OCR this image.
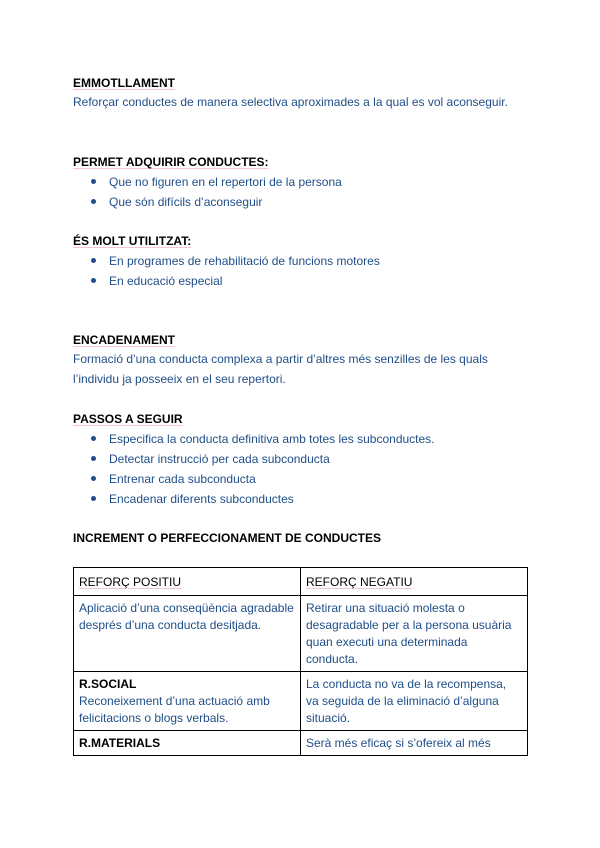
EMMOTLLAMENT

Reforçar conductes de manera selectiva aproximades a la qual es vol aconseguir.

PERMET ADQUIRIR CONDUCTES:

Que no figuren en el repertori de la persona
Que són difícils d’aconseguir

ÉS MOLT UTILITZAT:

En programes de rehabilitació de funcions motores
En educació especial

ENCADENAMENT

Formació d’una conducta complexa a partir d’altres més senzilles de les quals l’individu ja posseeix en el seu repertori.

PASSOS A SEGUIR

Especifica la conducta definitiva amb totes les subconductes.
Detectar instrucció per cada subconducta
Entrenar cada subconducta
Encadenar diferents subconductes

INCREMENT O PERFECCIONAMENT DE CONDUCTES

REFORÇ POSITIU	REFORÇ NEGATIU

Aplicació d’una conseqüència agradable després d’una conducta desitjada.	Retirar una situació molesta o desagradable per a la persona usuària quan executi una determinada conducta.

R.SOCIAL
Reconeixement d’una actuació amb felicitacions o blogs verbals.	La conducta no va de la recompensa, va seguida de la eliminació d’alguna situació.

R.MATERIALS	Serà més eficaç si s’ofereix al més
